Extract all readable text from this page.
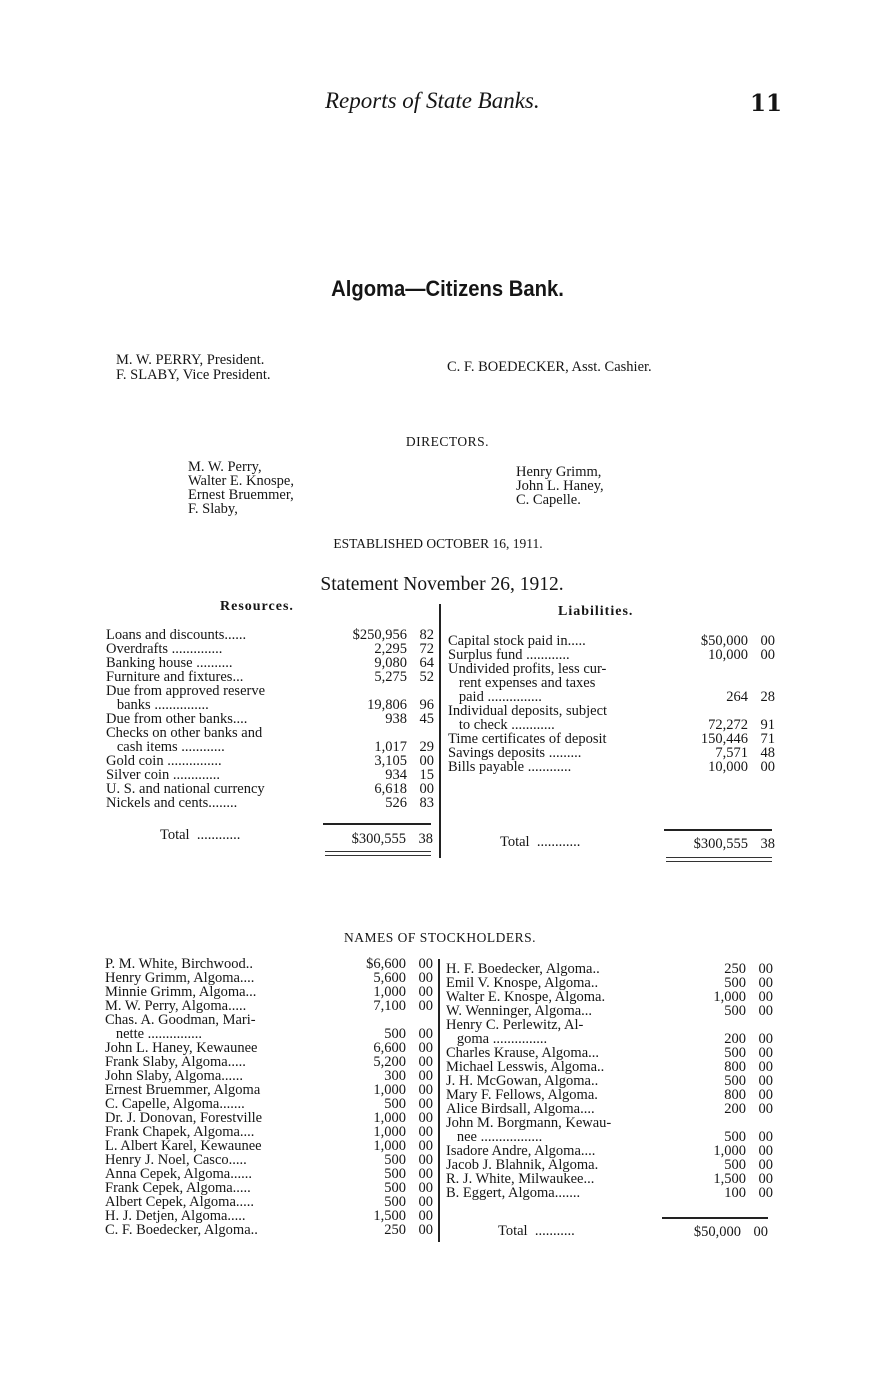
Reports of State Banks.	11
Algoma—Citizens Bank.
M. W. PERRY, President.
F. SLABY, Vice President.	C. F. BOEDECKER, Asst. Cashier.
DIRECTORS.
M. W. Perry,
Walter E. Knospe,
Ernest Bruemmer,
F. Slaby,
Henry Grimm,
John L. Haney,
C. Capelle.
ESTABLISHED OCTOBER 16, 1911.
Statement November 26, 1912.
Resources.	Liabilities.
Loans and discounts......	$250,956 82
Overdrafts ..............	2,295 72
Banking house ..........	9,080 64
Furniture and fixtures...	5,275 52
Due from approved reserve
banks ...............	19,806 96
Due from other banks....	938 45
Checks on other banks and
cash items ............	1,017 29
Gold coin ...............	3,105 00
Silver coin .............	934 15
U. S. and national currency	6,618 00
Nickels and cents........	526 83
Capital stock paid in.....	$50,000 00
Surplus fund ............	10,000 00
Undivided profits, less cur-
rent expenses and taxes
paid ...............	264 28
Individual deposits, subject
to check ............	72,272 91
Time certificates of deposit	150,446 71
Savings deposits .........	7,571 48
Bills payable ............	10,000 00
Total ............	$300,555 38	Total ............	$300,555 38
NAMES OF STOCKHOLDERS.
P. M. White, Birchwood..	$6,600 00
Henry Grimm, Algoma....	5,600 00
Minnie Grimm, Algoma...	1,000 00
M. W. Perry, Algoma.....	7,100 00
Chas. A. Goodman, Mari-
nette ...............	500 00
John L. Haney, Kewaunee	6,600 00
Frank Slaby, Algoma.....	5,200 00
John Slaby, Algoma......	300 00
Ernest Bruemmer, Algoma	1,000 00
C. Capelle, Algoma.......	500 00
Dr. J. Donovan, Forestville	1,000 00
Frank Chapek, Algoma....	1,000 00
L. Albert Karel, Kewaunee	1,000 00
Henry J. Noel, Casco.....	500 00
Anna Cepek, Algoma......	500 00
Frank Cepek, Algoma.....	500 00
Albert Cepek, Algoma.....	500 00
H. J. Detjen, Algoma.....	1,500 00
C. F. Boedecker, Algoma..	250 00
H. F. Boedecker, Algoma..	250 00
Emil V. Knospe, Algoma..	500 00
Walter E. Knospe, Algoma.	1,000 00
W. Wenninger, Algoma...	500 00
Henry C. Perlewitz, Al-
goma ...............	200 00
Charles Krause, Algoma...	500 00
Michael Lesswis, Algoma..	800 00
J. H. McGowan, Algoma..	500 00
Mary F. Fellows, Algoma.	800 00
Alice Birdsall, Algoma....	200 00
John M. Borgmann, Kewau-
nee .................	500 00
Isadore Andre, Algoma....	1,000 00
Jacob J. Blahnik, Algoma.	500 00
R. J. White, Milwaukee...	1,500 00
B. Eggert, Algoma.......	100 00
Total ...........	$50,000 00
